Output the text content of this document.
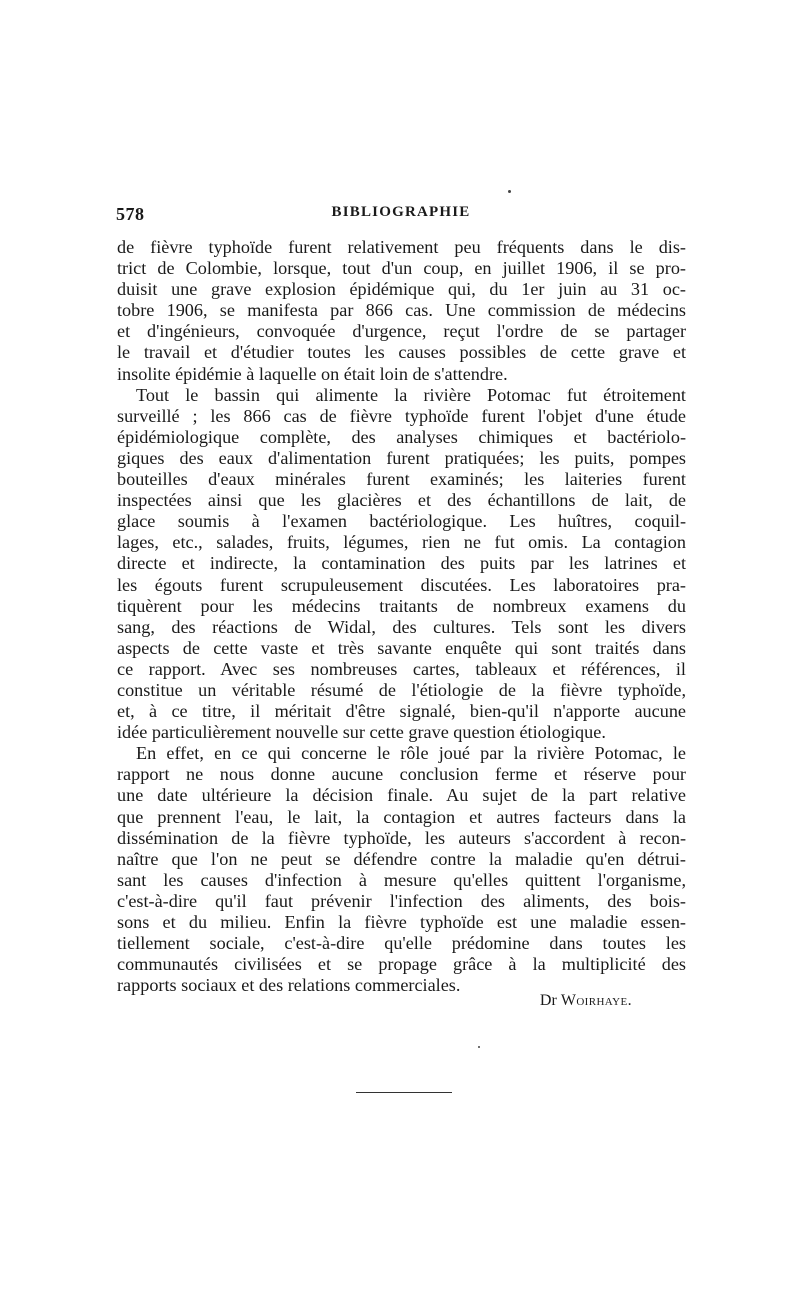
578	BIBLIOGRAPHIE
de fièvre typhoïde furent relativement peu fréquents dans le dis-
trict de Colombie, lorsque, tout d'un coup, en juillet 1906, il se pro-
duisit une grave explosion épidémique qui, du 1er juin au 31 oc-
tobre 1906, se manifesta par 866 cas. Une commission de médecins
et d'ingénieurs, convoquée d'urgence, reçut l'ordre de se partager
le travail et d'étudier toutes les causes possibles de cette grave et
insolite épidémie à laquelle on était loin de s'attendre.
Tout le bassin qui alimente la rivière Potomac fut étroitement
surveillé ; les 866 cas de fièvre typhoïde furent l'objet d'une étude
épidémiologique complète, des analyses chimiques et bactériolo-
giques des eaux d'alimentation furent pratiquées; les puits, pompes
bouteilles d'eaux minérales furent examinés; les laiteries furent
inspectées ainsi que les glacières et des échantillons de lait, de
glace soumis à l'examen bactériologique. Les huîtres, coquil-
lages, etc., salades, fruits, légumes, rien ne fut omis. La contagion
directe et indirecte, la contamination des puits par les latrines et
les égouts furent scrupuleusement discutées. Les laboratoires pra-
tiquèrent pour les médecins traitants de nombreux examens du
sang, des réactions de Widal, des cultures. Tels sont les divers
aspects de cette vaste et très savante enquête qui sont traités dans
ce rapport. Avec ses nombreuses cartes, tableaux et références, il
constitue un véritable résumé de l'étiologie de la fièvre typhoïde,
et, à ce titre, il méritait d'être signalé, bien-qu'il n'apporte aucune
idée particulièrement nouvelle sur cette grave question étiologique.
En effet, en ce qui concerne le rôle joué par la rivière Potomac, le
rapport ne nous donne aucune conclusion ferme et réserve pour
une date ultérieure la décision finale. Au sujet de la part relative
que prennent l'eau, le lait, la contagion et autres facteurs dans la
dissémination de la fièvre typhoïde, les auteurs s'accordent à recon-
naître que l'on ne peut se défendre contre la maladie qu'en détrui-
sant les causes d'infection à mesure qu'elles quittent l'organisme,
c'est-à-dire qu'il faut prévenir l'infection des aliments, des bois-
sons et du milieu. Enfin la fièvre typhoïde est une maladie essen-
tiellement sociale, c'est-à-dire qu'elle prédomine dans toutes les
communautés civilisées et se propage grâce à la multiplicité des
rapports sociaux et des relations commerciales.
Dr Woirhaye.
